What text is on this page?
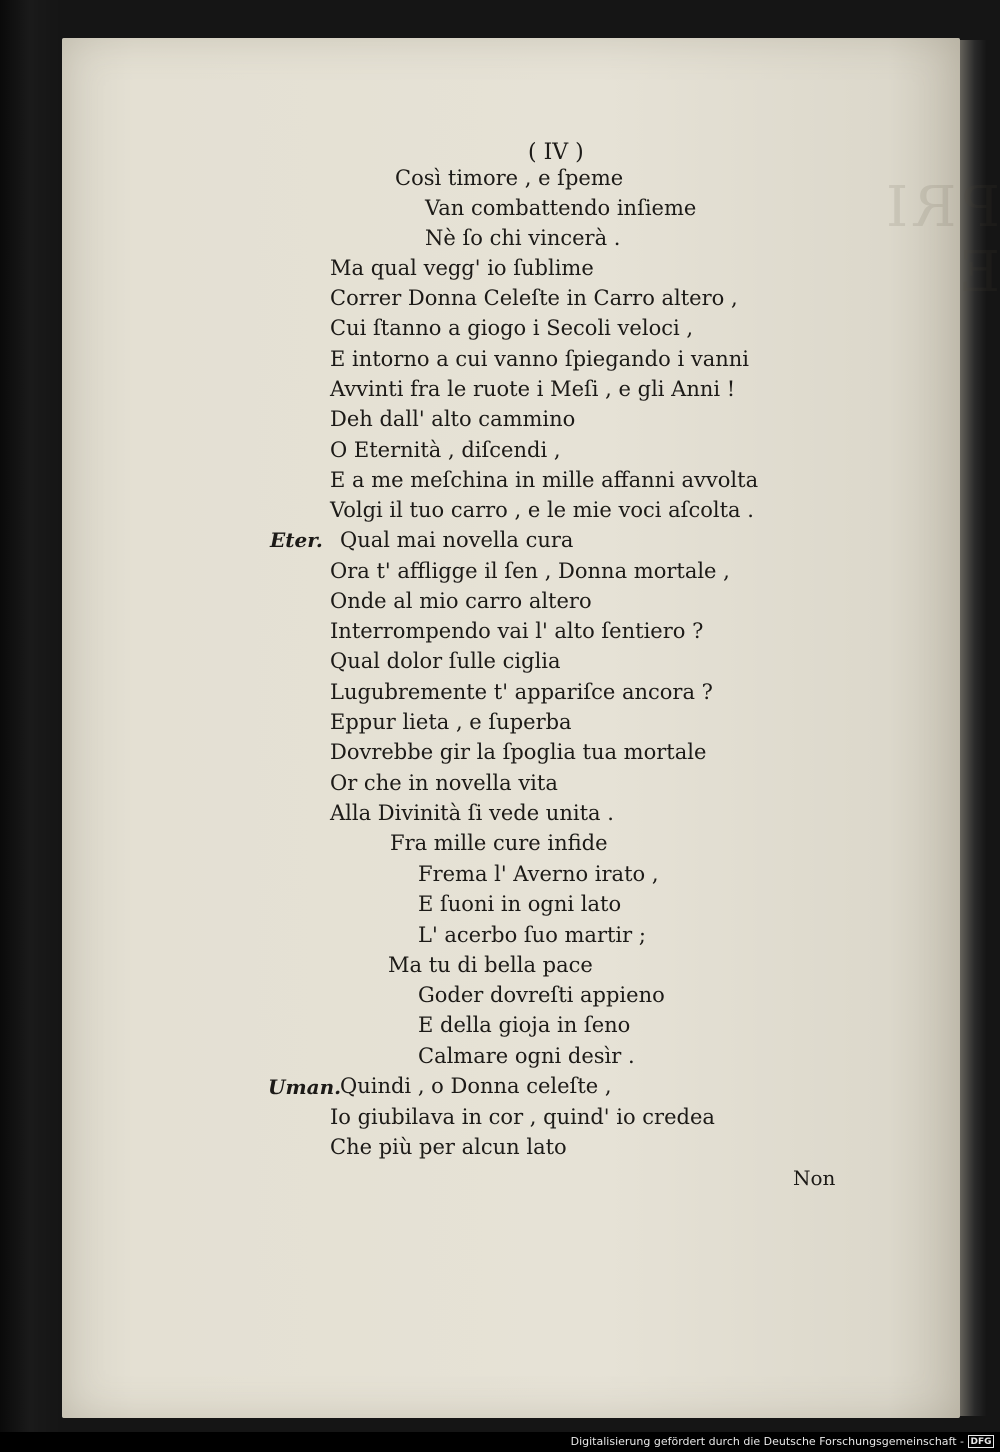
PRI E
( IV )
Così timore , e ſpeme
Van combattendo inſieme
Nè ſo chi vincerà .
Ma qual vegg' io ſublime
Correr Donna Celeſte in Carro altero ,
Cui ſtanno a giogo i Secoli veloci ,
E intorno a cui vanno ſpiegando i vanni
Avvinti fra le ruote i Meſi , e gli Anni !
Deh dall' alto cammino
O Eternità , diſcendi ,
E a me meſchina in mille affanni avvolta
Volgi il tuo carro , e le mie voci aſcolta .
Eter. Qual mai novella cura
Ora t' affligge il ſen , Donna mortale ,
Onde al mio carro altero
Interrompendo vai l' alto ſentiero ?
Qual dolor ſulle ciglia
Lugubremente t' appariſce ancora ?
Eppur lieta , e ſuperba
Dovrebbe gir la ſpoglia tua mortale
Or che in novella vita
Alla Divinità ſi vede unita .
Fra mille cure infide
Frema l' Averno irato ,
E ſuoni in ogni lato
L' acerbo ſuo martir ;
Ma tu di bella pace
Goder dovreſti appieno
E della gioja in ſeno
Calmare ogni desìr .
Uman.
Quindi , o Donna celeſte ,
Io giubilava in cor , quind' io credea
Che più per alcun lato
Non
Digitalisierung gefördert durch die Deutsche Forschungsgemeinschaft - DFG
